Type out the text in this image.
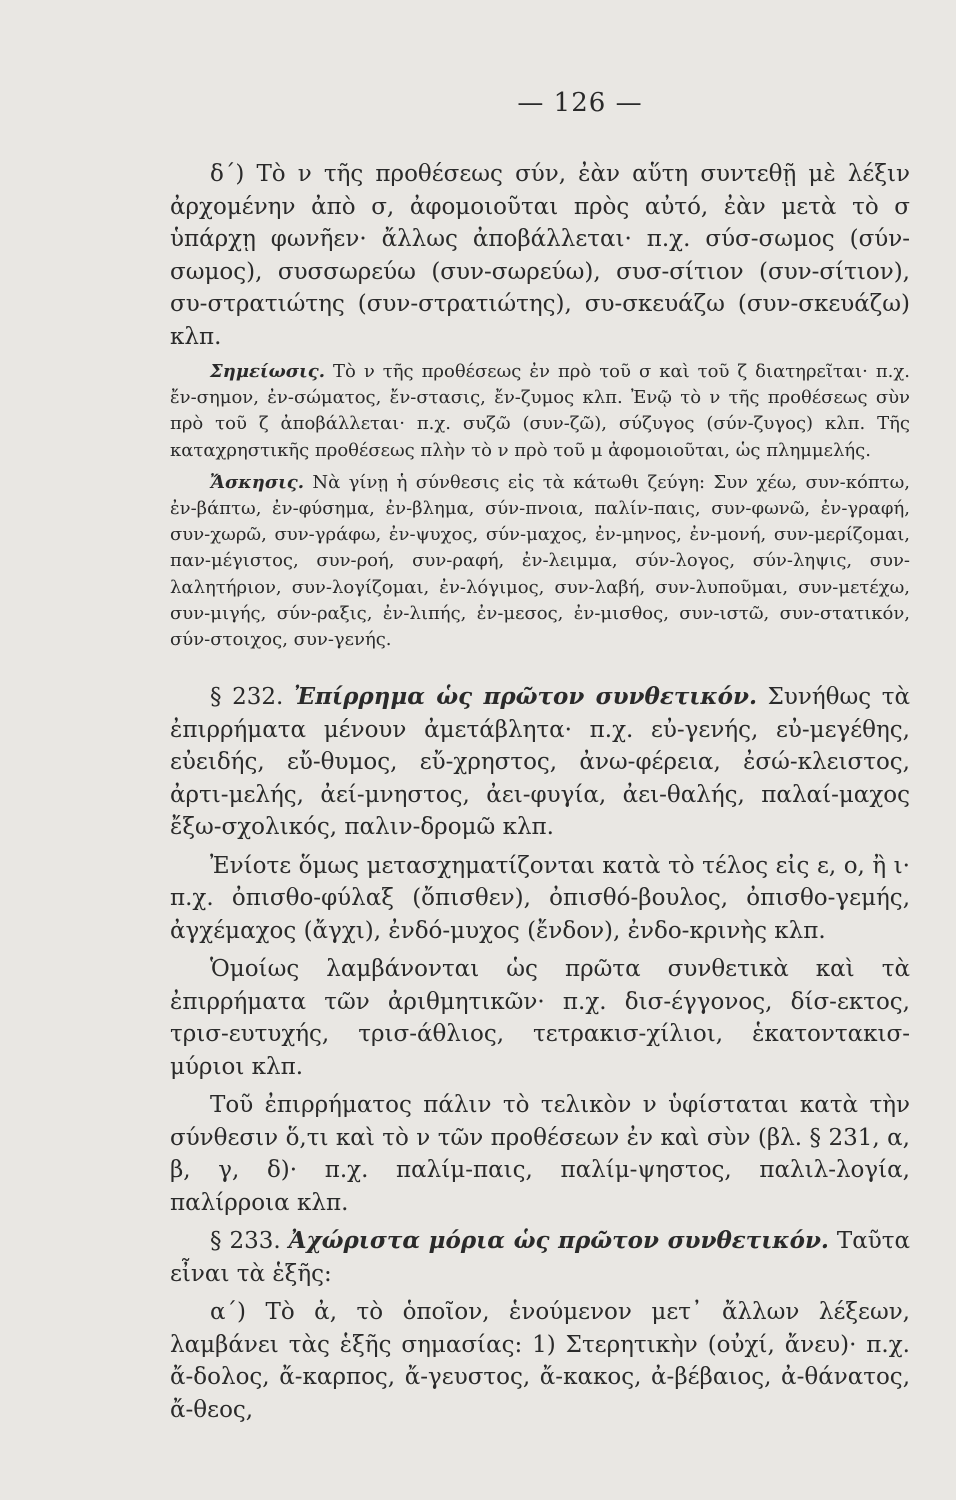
— 126 —

δ΄) Τὸ ν τῆς προθέσεως σύν, ἐὰν αὕτη συντεθῇ μὲ λέξιν ἀρχομένην ἀπὸ σ, ἀφομοιοῦται πρὸς αὐτό, ἐὰν μετὰ τὸ σ ὑπάρχῃ φωνῆεν· ἄλλως ἀποβάλλεται· π.χ. σύσ-σωμος (σύν-σωμος), συσσωρεύω (συν-σωρεύω), συσ-σίτιον (συν-σίτιον), συ-στρατιώτης (συν-στρατιώτης), συ-σκευάζω (συν-σκευάζω) κλπ.

Σημείωσις. Τὸ ν τῆς προθέσεως ἐν πρὸ τοῦ σ καὶ τοῦ ζ διατηρεῖται· π.χ. ἔν-σημον, ἐν-σώματος, ἔν-στασις, ἔν-ζυμος κλπ. Ἐνῷ τὸ ν τῆς προθέσεως σὺν πρὸ τοῦ ζ ἀποβάλλεται· π.χ. συζῶ (συν-ζῶ), σύζυγος (σύν-ζυγος) κλπ. Τῆς καταχρηστικῆς προθέσεως πλὴν τὸ ν πρὸ τοῦ μ ἀφομοιοῦται, ὡς πλημμελής.

Ἄσκησις. Νὰ γίνῃ ἡ σύνθεσις εἰς τὰ κάτωθι ζεύγη: Συν χέω, συν-κόπτω, ἐν-βάπτω, ἐν-φύσημα, ἐν-βλημα, σύν-πνοια, παλίν-παις, συν-φωνῶ, ἐν-γραφή, συν-χωρῶ, συν-γράφω, ἐν-ψυχος, σύν-μαχος, ἐν-μηνος, ἐν-μονή, συν-μερίζομαι, παν-μέγιστος, συν-ροή, συν-ραφή, ἐν-λειμμα, σύν-λογος, σύν-ληψις, συν-λαλητήριον, συν-λογίζομαι, ἐν-λόγιμος, συν-λαβή, συν-λυποῦμαι, συν-μετέχω, συν-μιγής, σύν-ραξις, ἐν-λιπής, ἐν-μεσος, ἐν-μισθος, συν-ιστῶ, συν-στατικόν, σύν-στοιχος, συν-γενής.

§ 232. Ἐπίρρημα ὡς πρῶτον συνθετικόν. Συνήθως τὰ ἐπιρρήματα μένουν ἀμετάβλητα· π.χ. εὐ-γενής, εὐ-μεγέθης, εὐειδής, εὔ-θυμος, εὔ-χρηστος, ἀνω-φέρεια, ἐσώ-κλειστος, ἀρτι-μελής, ἀεί-μνηστος, ἀει-φυγία, ἀει-θαλής, παλαί-μαχος ἔξω-σχολικός, παλιν-δρομῶ κλπ.

Ἐνίοτε ὅμως μετασχηματίζονται κατὰ τὸ τέλος εἰς ε, ο, ἢ ι· π.χ. ὀπισθο-φύλαξ (ὄπισθεν), ὀπισθό-βουλος, ὀπισθο-γεμής, ἀγχέμαχος (ἄγχι), ἐνδό-μυχος (ἔνδον), ἐνδο-κρινὴς κλπ.

Ὁμοίως λαμβάνονται ὡς πρῶτα συνθετικὰ καὶ τὰ ἐπιρρήματα τῶν ἀριθμητικῶν· π.χ. δισ-έγγονος, δίσ-εκτος, τρισ-ευτυχής, τρισ-άθλιος, τετρακισ-χίλιοι, ἑκατοντακισ-μύριοι κλπ.

Τοῦ ἐπιρρήματος πάλιν τὸ τελικὸν ν ὑφίσταται κατὰ τὴν σύνθεσιν ὅ,τι καὶ τὸ ν τῶν προθέσεων ἐν καὶ σὺν (βλ. § 231, α, β, γ, δ)· π.χ. παλίμ-παις, παλίμ-ψηστος, παλιλ-λογία, παλίρροια κλπ.

§ 233. Ἀχώριστα μόρια ὡς πρῶτον συνθετικόν. Ταῦτα εἶναι τὰ ἑξῆς:

α΄) Τὸ ἀ, τὸ ὁποῖον, ἑνούμενον μετ᾽ ἄλλων λέξεων, λαμβάνει τὰς ἑξῆς σημασίας: 1) Στερητικὴν (οὐχί, ἄνευ)· π.χ. ἄ-δολος, ἄ-καρπος, ἄ-γευστος, ἄ-κακος, ἀ-βέβαιος, ἀ-θάνατος, ἄ-θεος,
